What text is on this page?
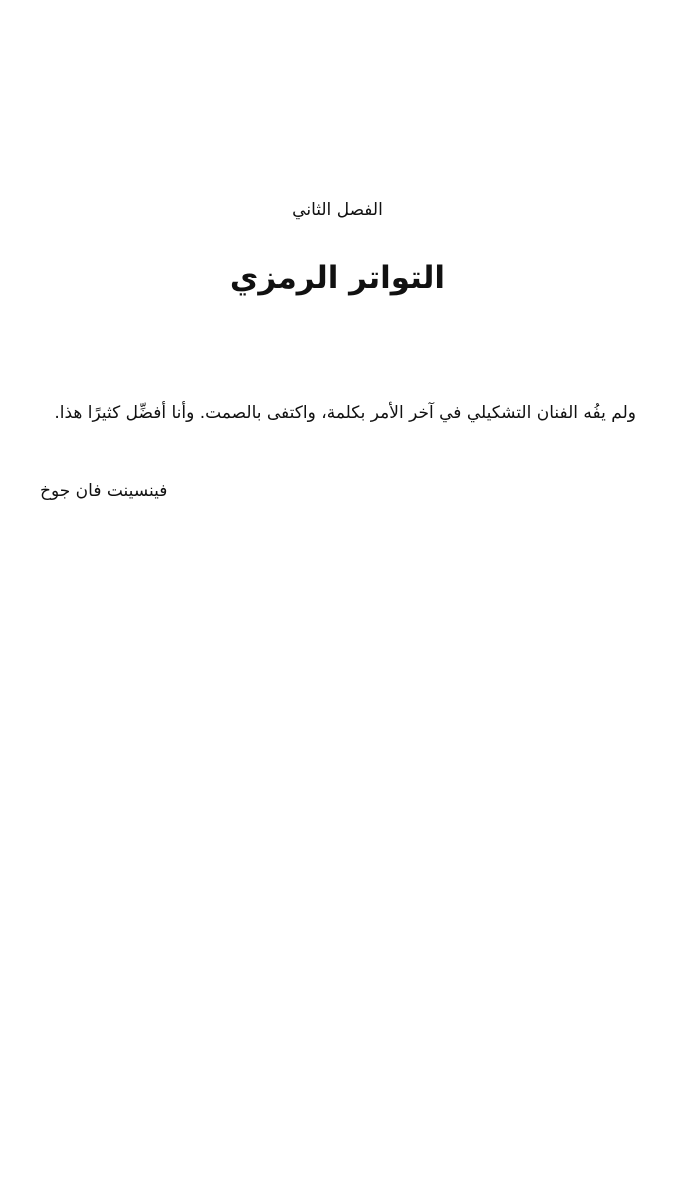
الفصل الثاني
التواتر الرمزي

ولم يفُه الفنان التشكيلي في آخر الأمر بكلمة، واكتفى بالصمت. وأنا أفضِّل كثيرًا هذا.

فينسينت فان جوخ
